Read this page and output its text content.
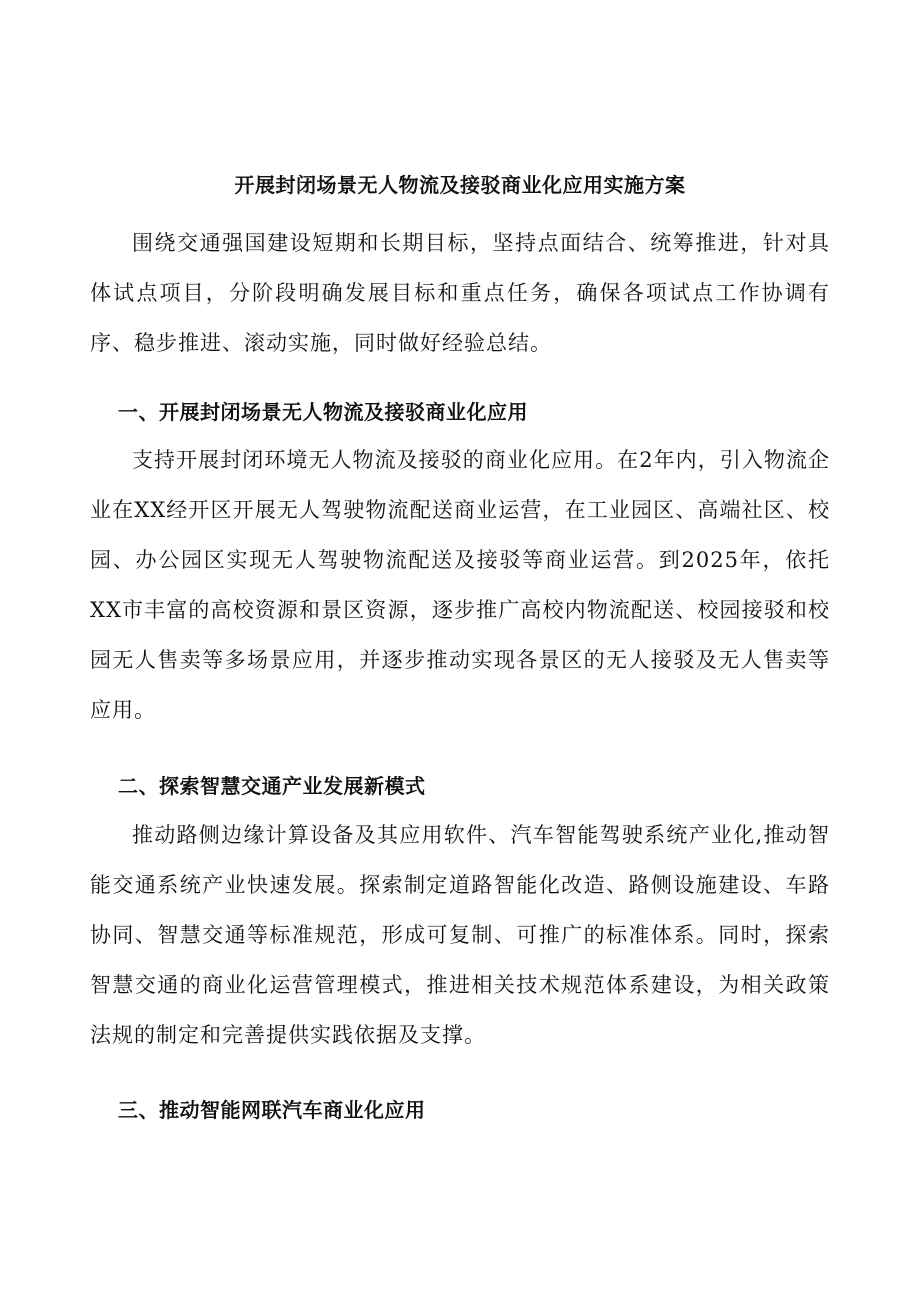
开展封闭场景无人物流及接驳商业化应用实施方案

围绕交通强国建设短期和长期目标，坚持点面结合、统筹推进，针对具体试点项目，分阶段明确发展目标和重点任务，确保各项试点工作协调有序、稳步推进、滚动实施，同时做好经验总结。

一、开展封闭场景无人物流及接驳商业化应用

支持开展封闭环境无人物流及接驳的商业化应用。在2年内，引入物流企业在XX经开区开展无人驾驶物流配送商业运营，在工业园区、高端社区、校园、办公园区实现无人驾驶物流配送及接驳等商业运营。到2025年，依托XX市丰富的高校资源和景区资源，逐步推广高校内物流配送、校园接驳和校园无人售卖等多场景应用，并逐步推动实现各景区的无人接驳及无人售卖等应用。

二、探索智慧交通产业发展新模式

推动路侧边缘计算设备及其应用软件、汽车智能驾驶系统产业化,推动智能交通系统产业快速发展。探索制定道路智能化改造、路侧设施建设、车路协同、智慧交通等标准规范，形成可复制、可推广的标准体系。同时，探索智慧交通的商业化运营管理模式，推进相关技术规范体系建设，为相关政策法规的制定和完善提供实践依据及支撑。

三、推动智能网联汽车商业化应用
